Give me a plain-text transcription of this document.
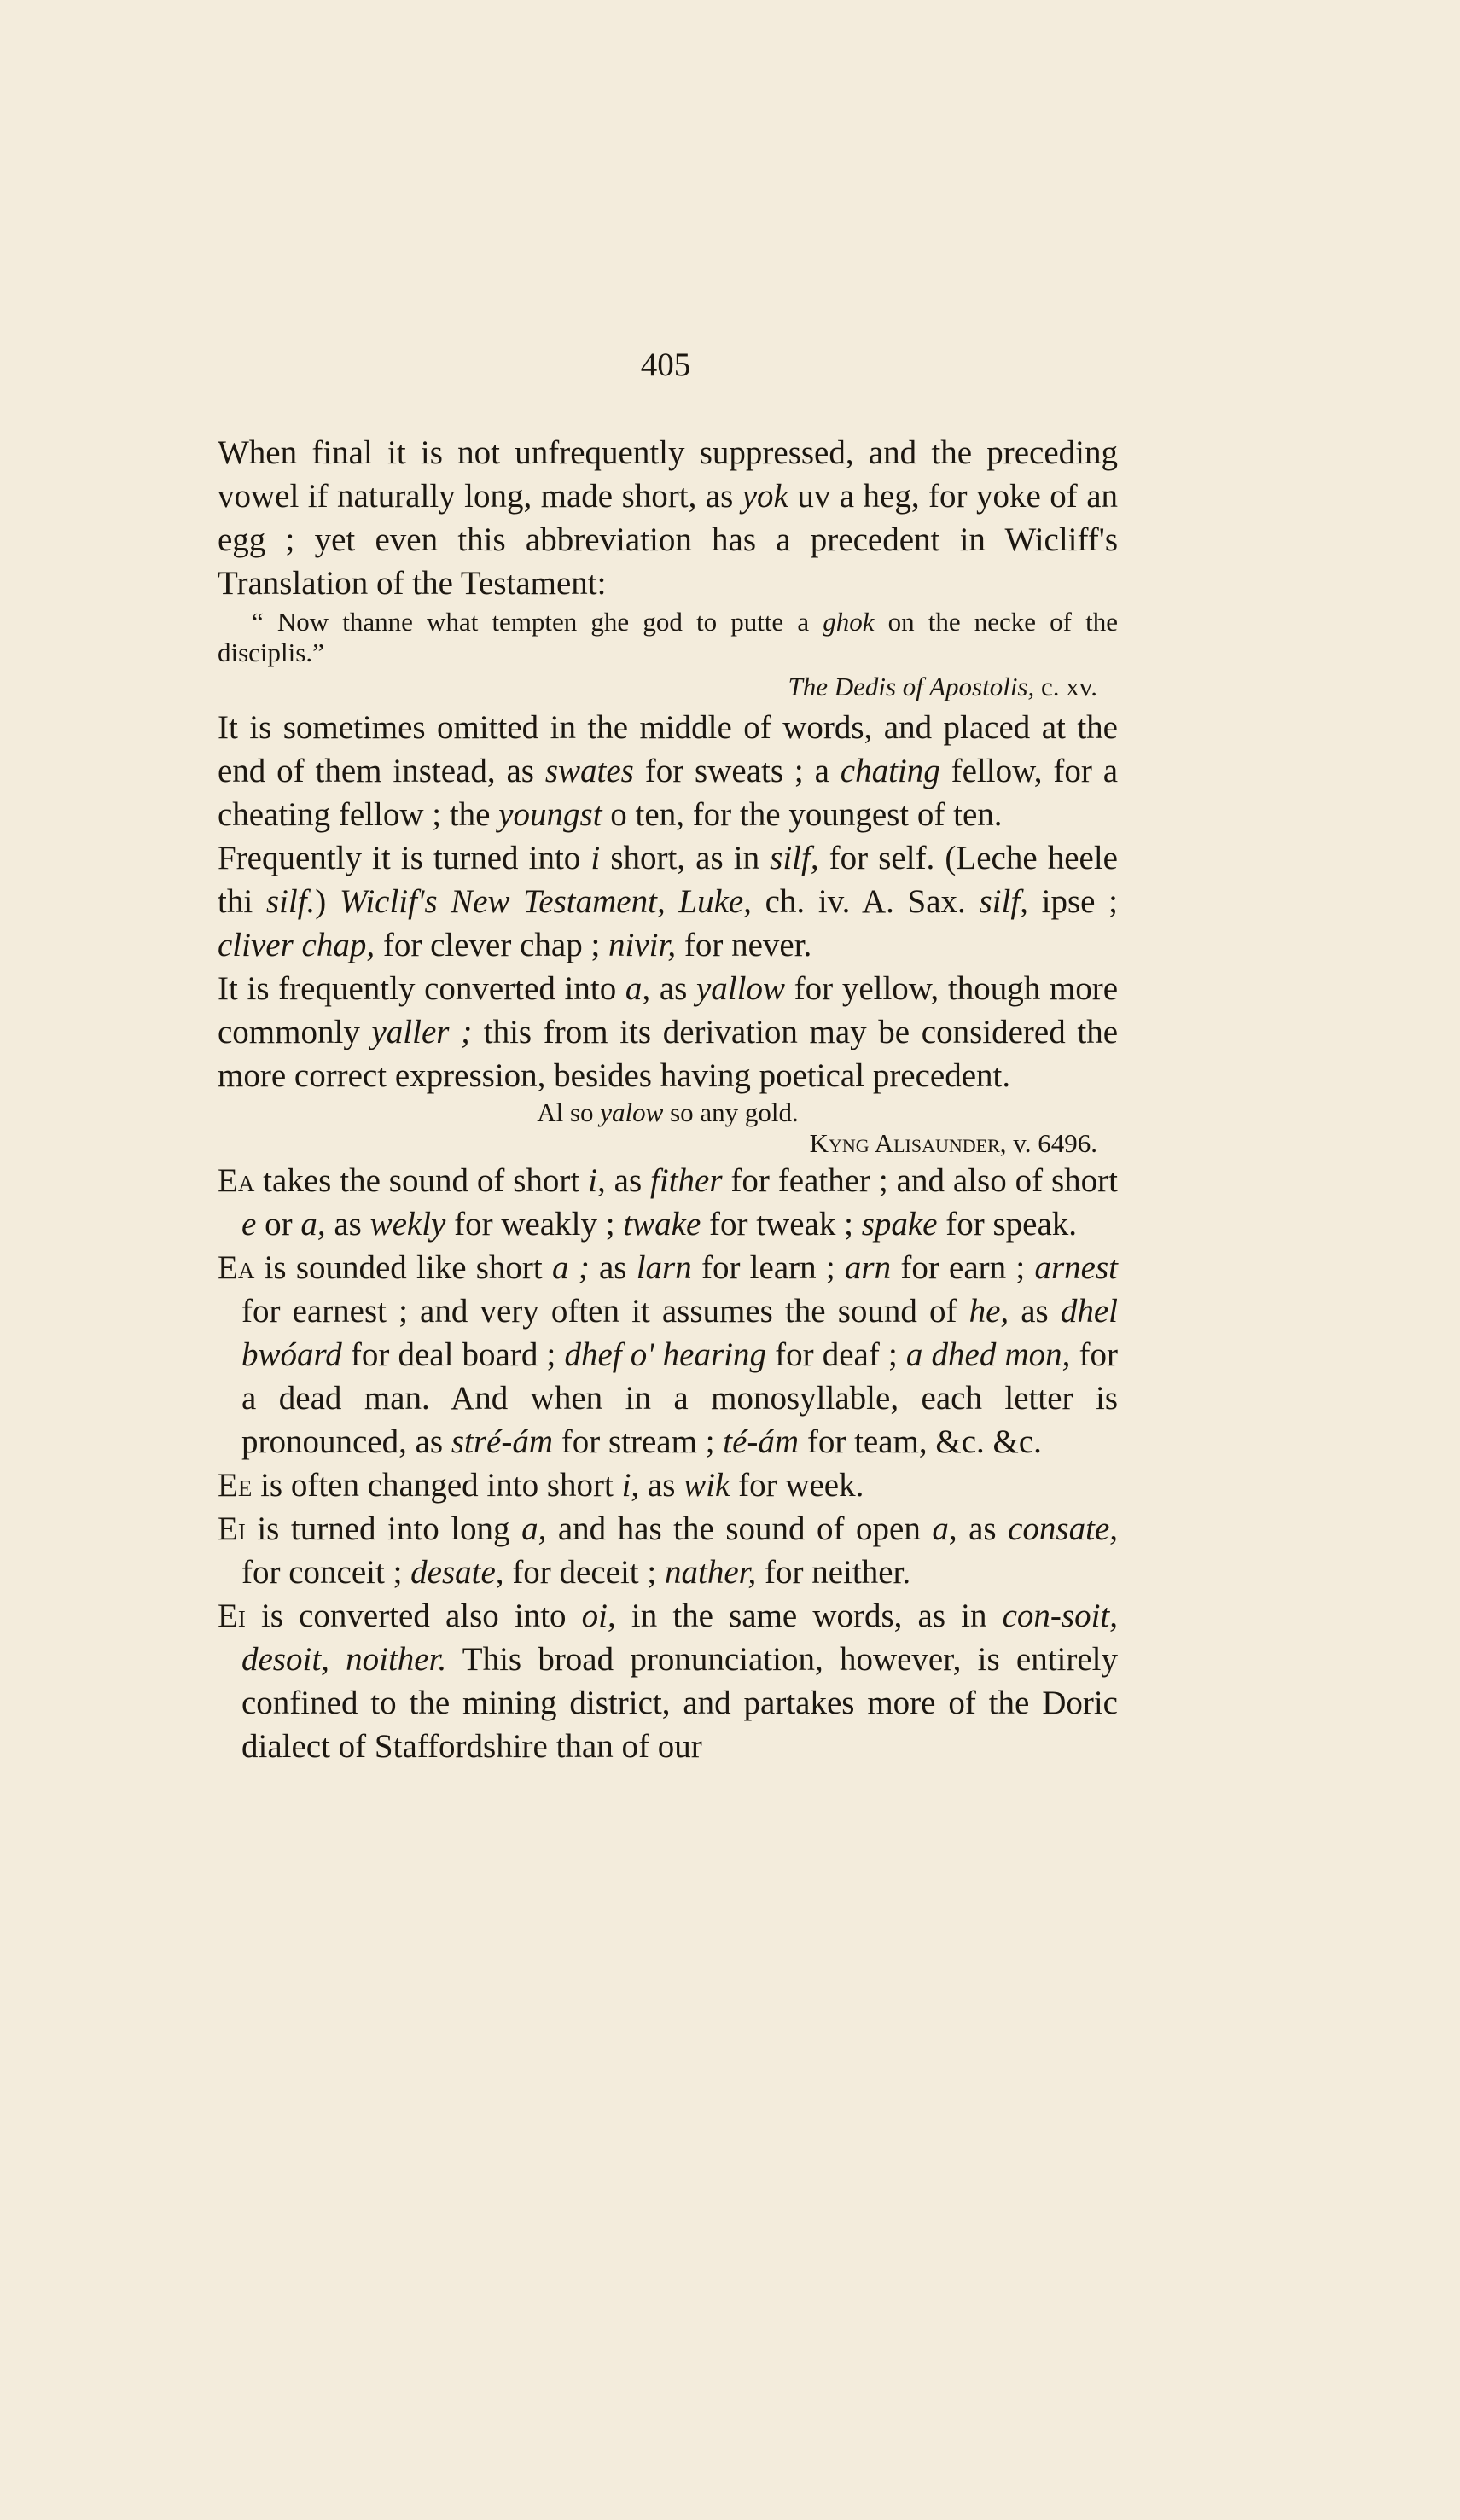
405

When final it is not unfrequently suppressed, and the preceding vowel if naturally long, made short, as yok uv a heg, for yoke of an egg ; yet even this abbreviation has a precedent in Wicliff's Translation of the Testament:

“ Now thanne what tempten ghe god to putte a ghok on the necke of the disciplis.”

The Dedis of Apostolis, c. xv.

It is sometimes omitted in the middle of words, and placed at the end of them instead, as swates for sweats ; a chating fellow, for a cheating fellow ; the youngst o ten, for the youngest of ten.

Frequently it is turned into i short, as in silf, for self. (Leche heele thi silf.) Wiclif's New Testament, Luke, ch. iv. A. Sax. silf, ipse ; cliver chap, for clever chap ; nivir, for never.

It is frequently converted into a, as yallow for yellow, though more commonly yaller ; this from its derivation may be considered the more correct expression, besides having poetical precedent.

Al so yalow so any gold.

Kyng Alisaunder, v. 6496.

Ea takes the sound of short i, as fither for feather ; and also of short e or a, as wekly for weakly ; twake for tweak ; spake for speak.

Ea is sounded like short a ; as larn for learn ; arn for earn ; arnest for earnest ; and very often it assumes the sound of he, as dhel bwóard for deal board ; dhef o' hearing for deaf ; a dhed mon, for a dead man. And when in a monosyllable, each letter is pronounced, as stré-ám for stream ; té-ám for team, &c. &c.

Ee is often changed into short i, as wik for week.

Ei is turned into long a, and has the sound of open a, as consate, for conceit ; desate, for deceit ; nather, for neither.

Ei is converted also into oi, in the same words, as in con-soit, desoit, noither. This broad pronunciation, however, is entirely confined to the mining district, and partakes more of the Doric dialect of Staffordshire than of our
